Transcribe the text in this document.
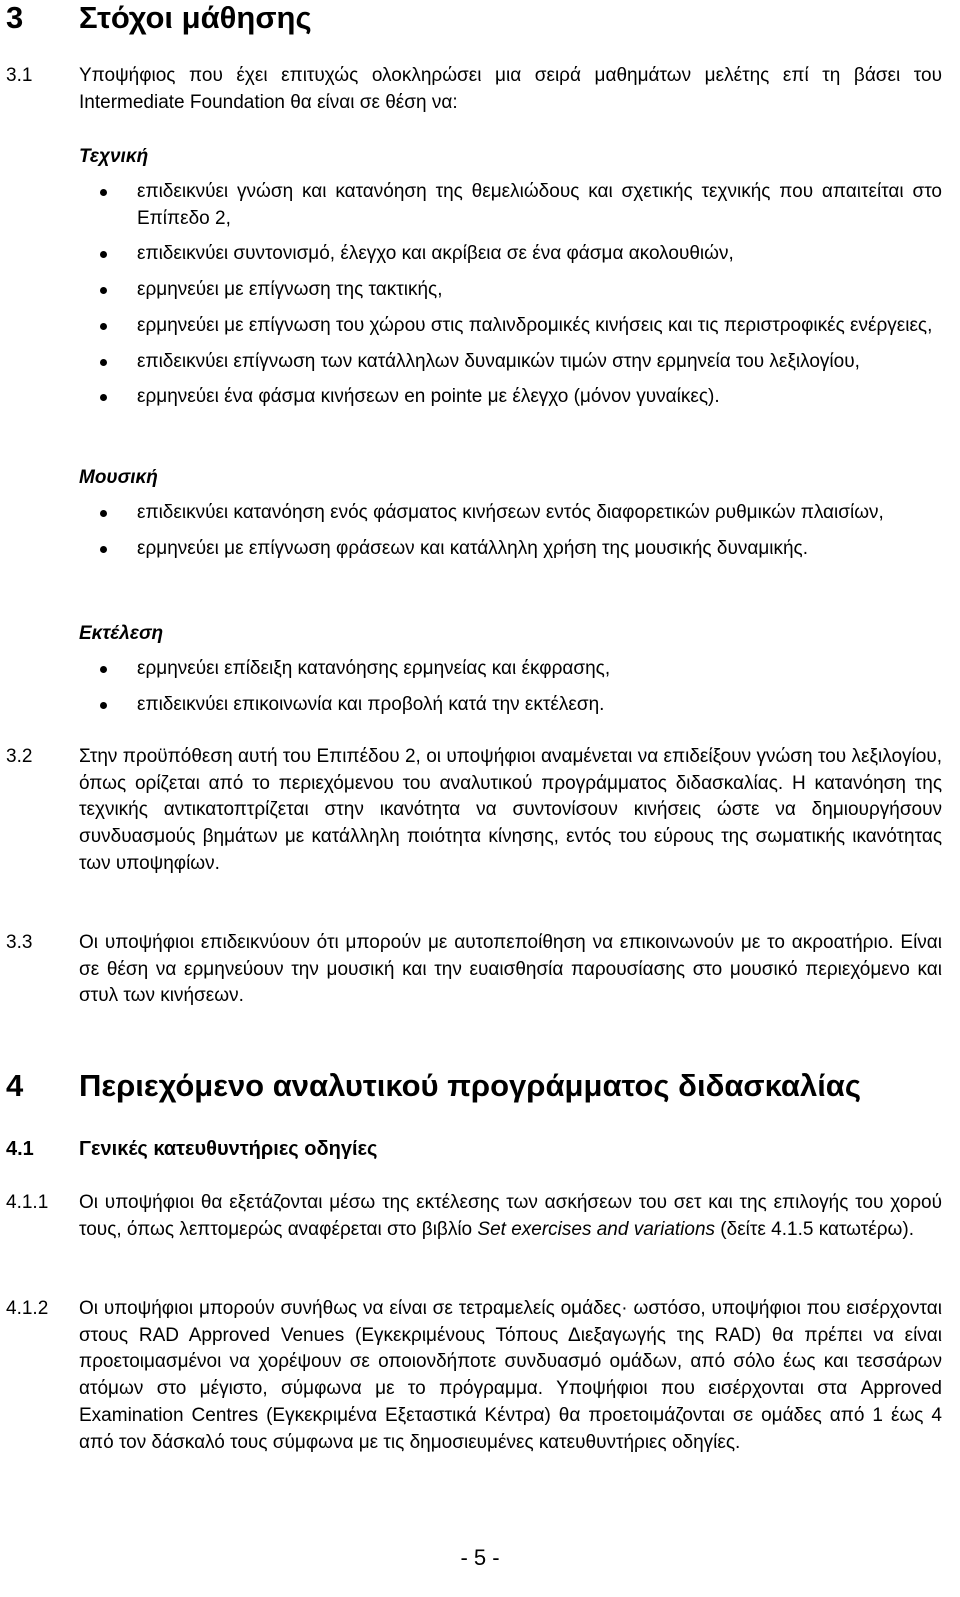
3 Στόχοι μάθησης
3.1 Υποψήφιος που έχει επιτυχώς ολοκληρώσει μια σειρά μαθημάτων μελέτης επί τη βάσει του Intermediate Foundation θα είναι σε θέση να:
Τεχνική
επιδεικνύει γνώση και κατανόηση της θεμελιώδους και σχετικής τεχνικής που απαιτείται στο Επίπεδο 2,
επιδεικνύει συντονισμό, έλεγχο και ακρίβεια σε ένα φάσμα ακολουθιών,
ερμηνεύει με επίγνωση της τακτικής,
ερμηνεύει με επίγνωση του χώρου στις παλινδρομικές κινήσεις και τις περιστροφικές ενέργειες,
επιδεικνύει επίγνωση των κατάλληλων δυναμικών τιμών στην ερμηνεία του λεξιλογίου,
ερμηνεύει ένα φάσμα κινήσεων en pointe με έλεγχο (μόνον γυναίκες).
Μουσική
επιδεικνύει κατανόηση ενός φάσματος κινήσεων εντός διαφορετικών ρυθμικών πλαισίων,
ερμηνεύει με επίγνωση φράσεων και κατάλληλη χρήση της μουσικής δυναμικής.
Εκτέλεση
ερμηνεύει επίδειξη κατανόησης ερμηνείας και έκφρασης,
επιδεικνύει επικοινωνία και προβολή κατά την εκτέλεση.
3.2 Στην προϋπόθεση αυτή του Επιπέδου 2, οι υποψήφιοι αναμένεται να επιδείξουν γνώση του λεξιλογίου, όπως ορίζεται από το περιεχόμενου του αναλυτικού προγράμματος διδασκαλίας. Η κατανόηση της τεχνικής αντικατοπτρίζεται στην ικανότητα να συντονίσουν κινήσεις ώστε να δημιουργήσουν συνδυασμούς βημάτων με κατάλληλη ποιότητα κίνησης, εντός του εύρους της σωματικής ικανότητας των υποψηφίων.
3.3 Οι υποψήφιοι επιδεικνύουν ότι μπορούν με αυτοπεποίθηση να επικοινωνούν με το ακροατήριο. Είναι σε θέση να ερμηνεύουν την μουσική και την ευαισθησία παρουσίασης στο μουσικό περιεχόμενο και στυλ των κινήσεων.
4 Περιεχόμενο αναλυτικού προγράμματος διδασκαλίας
4.1 Γενικές κατευθυντήριες οδηγίες
4.1.1 Οι υποψήφιοι θα εξετάζονται μέσω της εκτέλεσης των ασκήσεων του σετ και της επιλογής του χορού τους, όπως λεπτομερώς αναφέρεται στο βιβλίο Set exercises and variations (δείτε 4.1.5 κατωτέρω).
4.1.2 Οι υποψήφιοι μπορούν συνήθως να είναι σε τετραμελείς ομάδες· ωστόσο, υποψήφιοι που εισέρχονται στους RAD Approved Venues (Εγκεκριμένους Τόπους Διεξαγωγής της RAD) θα πρέπει να είναι προετοιμασμένοι να χορέψουν σε οποιονδήποτε συνδυασμό ομάδων, από σόλο έως και τεσσάρων ατόμων στο μέγιστο, σύμφωνα με το πρόγραμμα. Υποψήφιοι που εισέρχονται στα Approved Examination Centres (Εγκεκριμένα Εξεταστικά Κέντρα) θα προετοιμάζονται σε ομάδες από 1 έως 4 από τον δάσκαλό τους σύμφωνα με τις δημοσιευμένες κατευθυντήριες οδηγίες.
- 5 -
